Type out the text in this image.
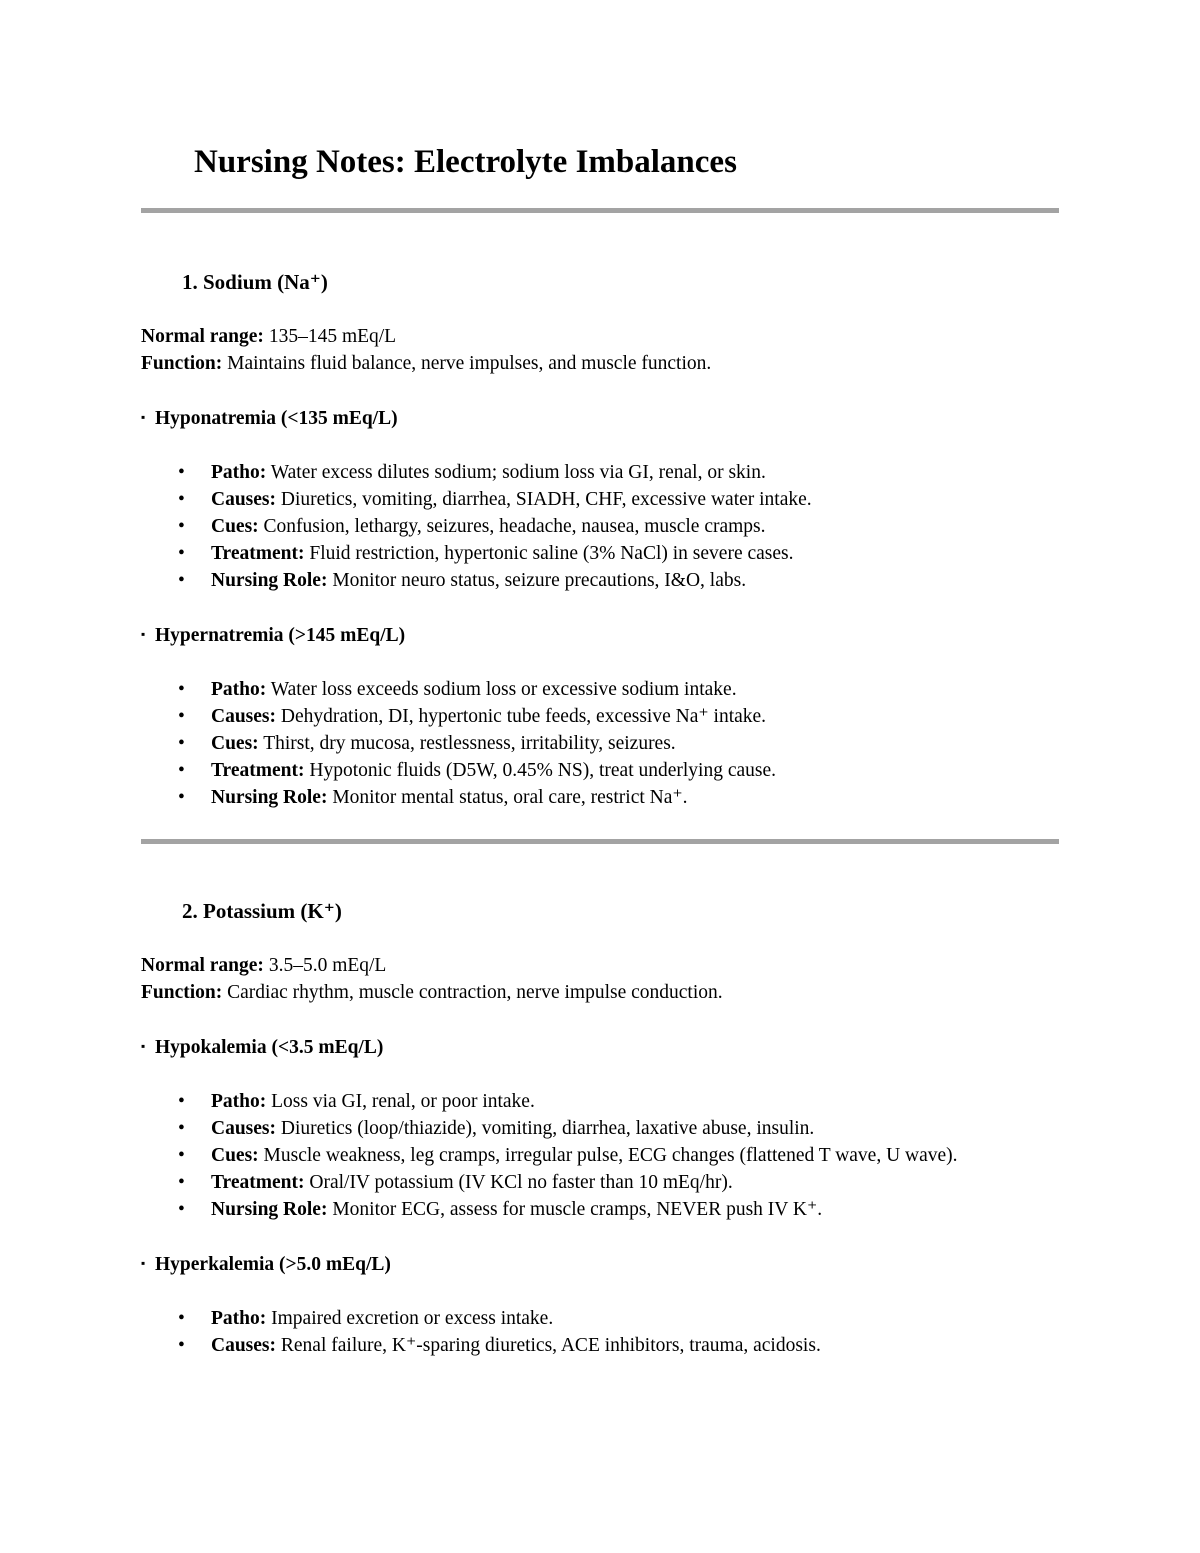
Nursing Notes: Electrolyte Imbalances
1. Sodium (Na⁺)
Normal range: 135–145 mEq/L
Function: Maintains fluid balance, nerve impulses, and muscle function.
▪ Hyponatremia (<135 mEq/L)
• Patho: Water excess dilutes sodium; sodium loss via GI, renal, or skin.
• Causes: Diuretics, vomiting, diarrhea, SIADH, CHF, excessive water intake.
• Cues: Confusion, lethargy, seizures, headache, nausea, muscle cramps.
• Treatment: Fluid restriction, hypertonic saline (3% NaCl) in severe cases.
• Nursing Role: Monitor neuro status, seizure precautions, I&O, labs.
▪ Hypernatremia (>145 mEq/L)
• Patho: Water loss exceeds sodium loss or excessive sodium intake.
• Causes: Dehydration, DI, hypertonic tube feeds, excessive Na⁺ intake.
• Cues: Thirst, dry mucosa, restlessness, irritability, seizures.
• Treatment: Hypotonic fluids (D5W, 0.45% NS), treat underlying cause.
• Nursing Role: Monitor mental status, oral care, restrict Na⁺.
2. Potassium (K⁺)
Normal range: 3.5–5.0 mEq/L
Function: Cardiac rhythm, muscle contraction, nerve impulse conduction.
▪ Hypokalemia (<3.5 mEq/L)
• Patho: Loss via GI, renal, or poor intake.
• Causes: Diuretics (loop/thiazide), vomiting, diarrhea, laxative abuse, insulin.
• Cues: Muscle weakness, leg cramps, irregular pulse, ECG changes (flattened T wave, U wave).
• Treatment: Oral/IV potassium (IV KCl no faster than 10 mEq/hr).
• Nursing Role: Monitor ECG, assess for muscle cramps, NEVER push IV K⁺.
▪ Hyperkalemia (>5.0 mEq/L)
• Patho: Impaired excretion or excess intake.
• Causes: Renal failure, K⁺-sparing diuretics, ACE inhibitors, trauma, acidosis.
